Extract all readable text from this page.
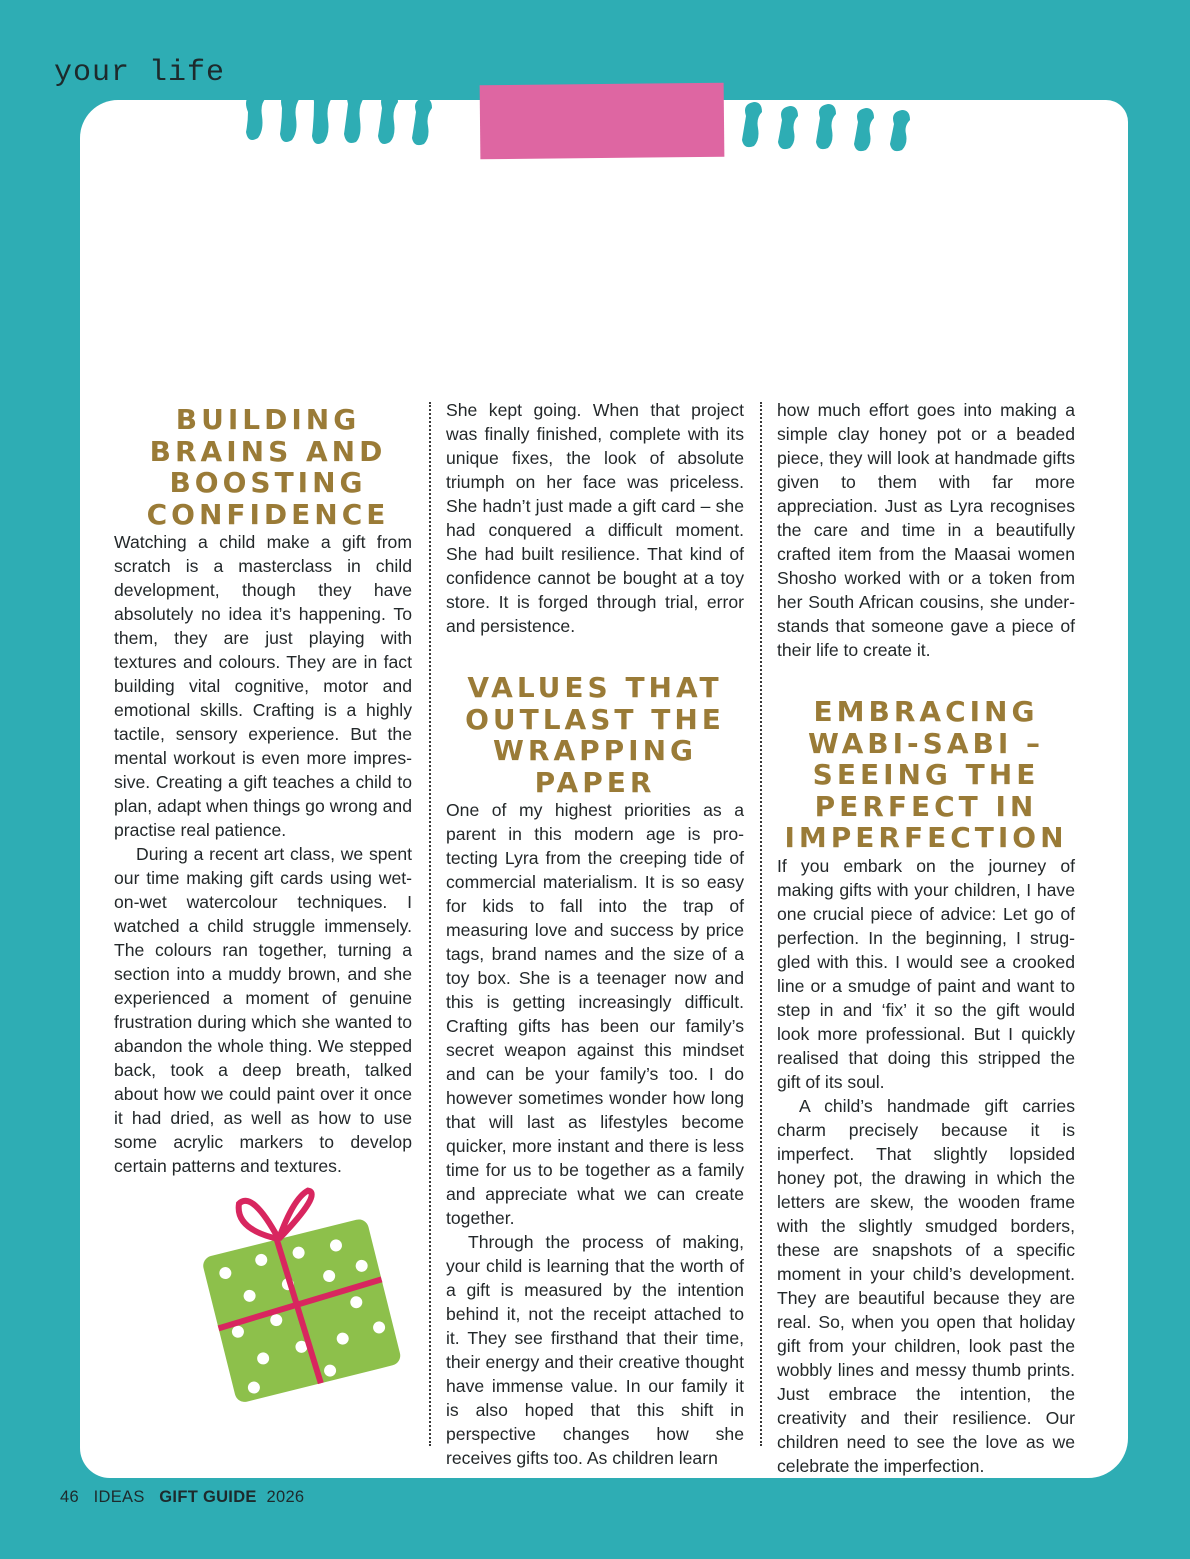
your life
BUILDING BRAINS AND BOOSTING CONFIDENCE

Watching a child make a gift from scratch is a masterclass in child development, though they have absolutely no idea it’s happening. To them, they are just playing with textures and colours. They are in fact building vital cognitive, motor and emotional skills. Crafting is a highly tactile, sensory experience. But the mental workout is even more impres-sive. Creating a gift teaches a child to plan, adapt when things go wrong and practise real patience.

During a recent art class, we spent our time making gift cards using wet-on-wet watercolour techniques. I watched a child struggle immensely. The colours ran together, turning a section into a muddy brown, and she experienced a moment of genuine frustration during which she wanted to abandon the whole thing. We stepped back, took a deep breath, talked about how we could paint over it once it had dried, as well as how to use some acrylic markers to develop certain patterns and textures.

She kept going. When that project was finally finished, complete with its unique fixes, the look of absolute triumph on her face was priceless. She hadn’t just made a gift card – she had conquered a difficult moment. She had built resilience. That kind of confidence cannot be bought at a toy store. It is forged through trial, error and persistence.

VALUES THAT OUTLAST THE WRAPPING PAPER

One of my highest priorities as a parent in this modern age is pro-tecting Lyra from the creeping tide of commercial materialism. It is so easy for kids to fall into the trap of measuring love and success by price tags, brand names and the size of a toy box. She is a teenager now and this is getting increasingly difficult. Crafting gifts has been our family’s secret weapon against this mindset and can be your family’s too. I do however sometimes wonder how long that will last as lifestyles become quicker, more instant and there is less time for us to be together as a family and appreciate what we can create together.

Through the process of making, your child is learning that the worth of a gift is measured by the intention behind it, not the receipt attached to it. They see firsthand that their time, their energy and their creative thought have immense value. In our family it is also hoped that this shift in perspective changes how she receives gifts too. As children learn

how much effort goes into making a simple clay honey pot or a beaded piece, they will look at handmade gifts given to them with far more appreciation. Just as Lyra recognises the care and time in a beautifully crafted item from the Maasai women Shosho worked with or a token from her South African cousins, she under-stands that someone gave a piece of their life to create it.

EMBRACING WABI-SABI – SEEING THE PERFECT IN IMPERFECTION

If you embark on the journey of making gifts with your children, I have one crucial piece of advice: Let go of perfection. In the beginning, I strug-gled with this. I would see a crooked line or a smudge of paint and want to step in and ‘fix’ it so the gift would look more professional. But I quickly realised that doing this stripped the gift of its soul.

A child’s handmade gift carries charm precisely because it is imperfect. That slightly lopsided honey pot, the drawing in which the letters are skew, the wooden frame with the slightly smudged borders, these are snapshots of a specific moment in your child’s development. They are beautiful because they are real. So, when you open that holiday gift from your children, look past the wobbly lines and messy thumb prints. Just embrace the intention, the creativity and their resilience. Our children need to see the love as we celebrate the imperfection.

46 IDEAS GIFT GUIDE 2026
